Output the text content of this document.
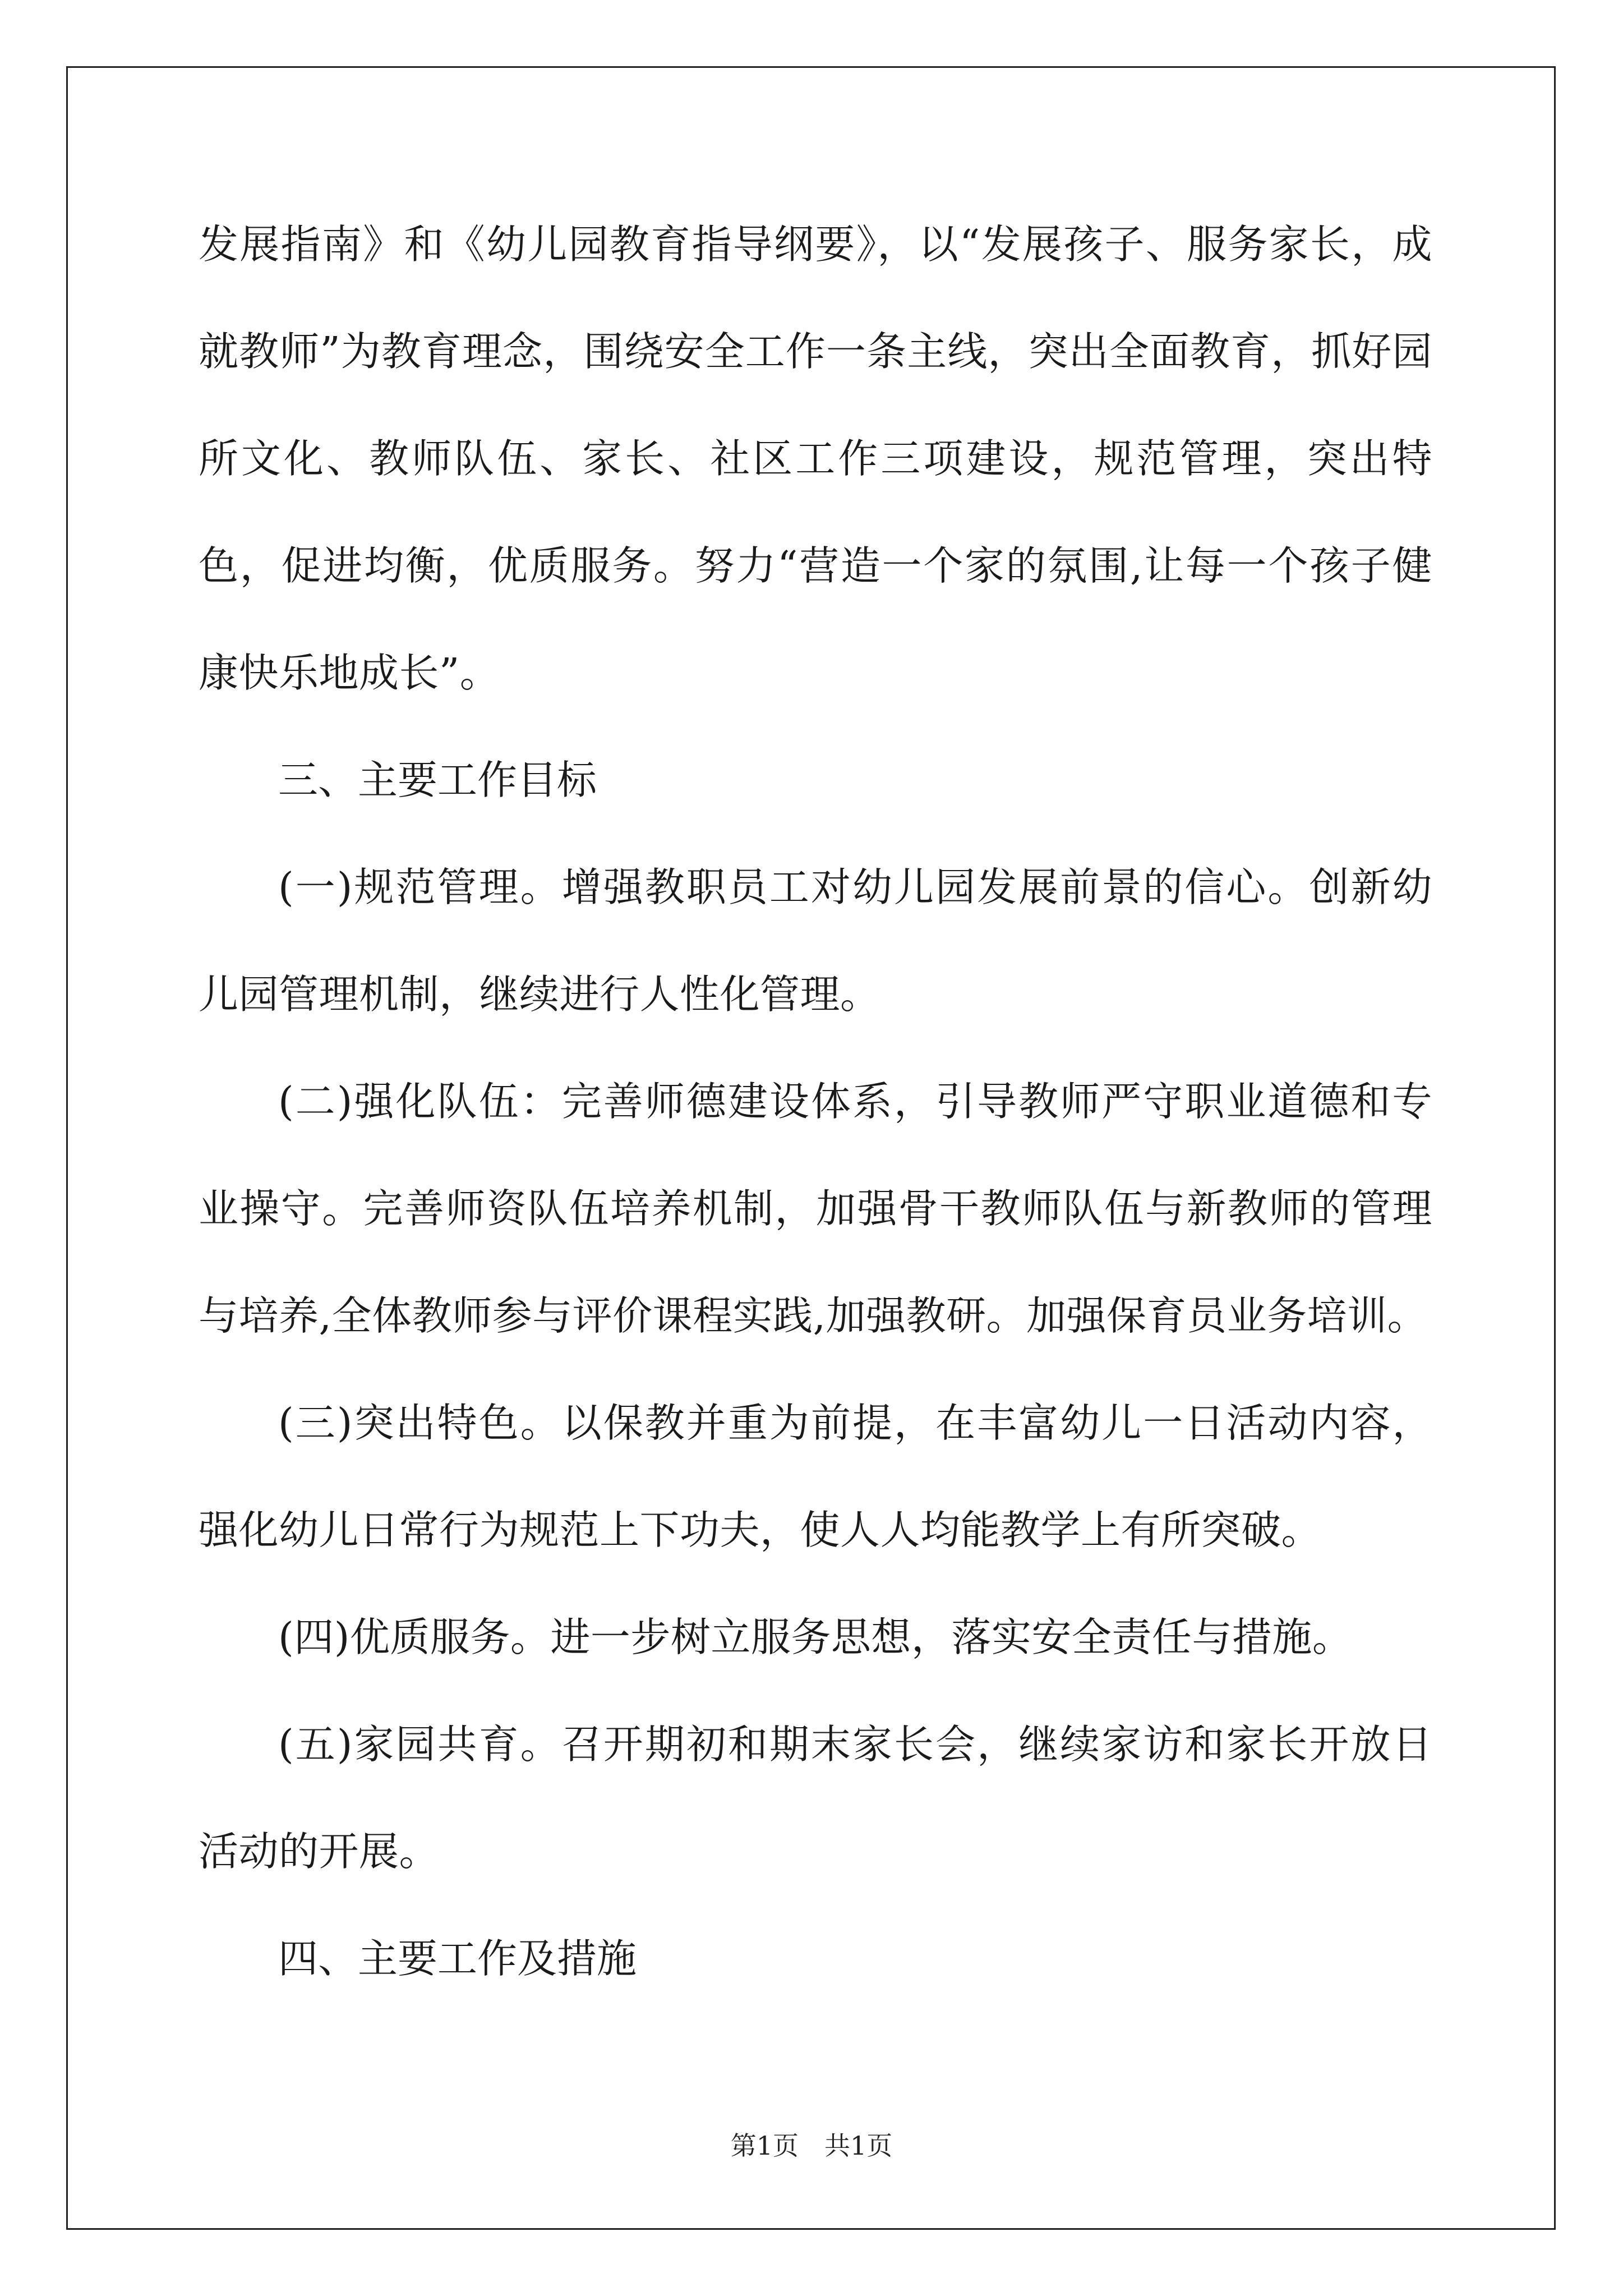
发展指南》和《幼儿园教育指导纲要》，以“发展孩子、服务家长，成就教师”为教育理念，围绕安全工作一条主线，突出全面教育，抓好园所文化、教师队伍、家长、社区工作三项建设，规范管理，突出特色，促进均衡，优质服务。努力“营造一个家的氛围,让每一个孩子健康快乐地成长”。

三、主要工作目标

(一)规范管理。增强教职员工对幼儿园发展前景的信心。创新幼儿园管理机制，继续进行人性化管理。

(二)强化队伍：完善师德建设体系，引导教师严守职业道德和专业操守。完善师资队伍培养机制，加强骨干教师队伍与新教师的管理与培养,全体教师参与评价课程实践,加强教研。加强保育员业务培训。

(三)突出特色。以保教并重为前提，在丰富幼儿一日活动内容，强化幼儿日常行为规范上下功夫，使人人均能教学上有所突破。

(四)优质服务。进一步树立服务思想，落实安全责任与措施。

(五)家园共育。召开期初和期末家长会，继续家访和家长开放日活动的开展。

四、主要工作及措施

第1页　共1页
